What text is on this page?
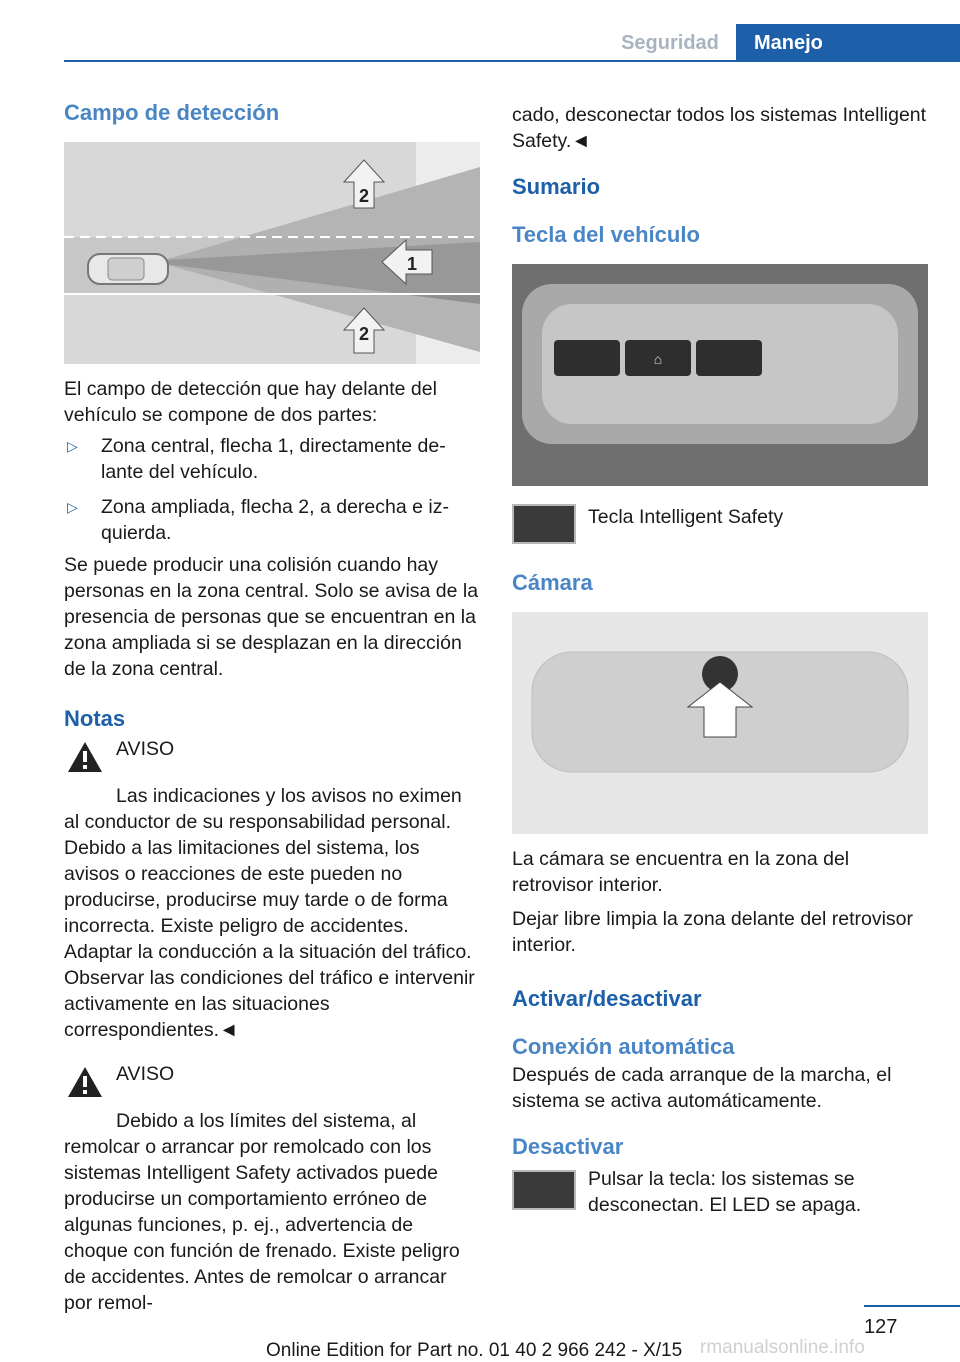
Seguridad	Manejo
Campo de detección
2
1
2

El campo de detección que hay delante del vehículo se compone de dos partes:

▷	Zona central, flecha 1, directamente de-
lante del vehículo.
▷	Zona ampliada, flecha 2, a derecha e iz-
quierda.

Se puede producir una colisión cuando hay personas en la zona central. Solo se avisa de la presencia de personas que se encuentran en la zona ampliada si se desplazan en la dirección de la zona central.

Notas
AVISO

Las indicaciones y los avisos no eximen al conductor de su responsabilidad personal. Debido a las limitaciones del sistema, los avisos o reacciones de este pueden no producirse, producirse muy tarde o de forma incorrecta. Existe peligro de accidentes. Adaptar la conducción a la situación del tráfico. Observar las condiciones del tráfico e intervenir activamente en las situaciones correspondientes.◄

AVISO

Debido a los límites del sistema, al remolcar o arrancar por remolcado con los sistemas Intelligent Safety activados puede producirse un comportamiento erróneo de algunas funciones, p. ej., advertencia de choque con función de frenado. Existe peligro de accidentes. Antes de remolcar o arrancar por remol-

cado, desconectar todos los sistemas Intelligent Safety.◄

Sumario
Tecla del vehículo
⌂
Tecla Intelligent Safety
Cámara

La cámara se encuentra en la zona del retrovisor interior.

Dejar libre limpia la zona delante del retrovisor interior.

Activar/desactivar
Conexión automática

Después de cada arranque de la marcha, el sistema se activa automáticamente.

Desactivar
Pulsar la tecla: los sistemas se desconectan. El LED se apaga.
127
Online Edition for Part no. 01 40 2 966 242 - X/15 rmanualsonline.info
